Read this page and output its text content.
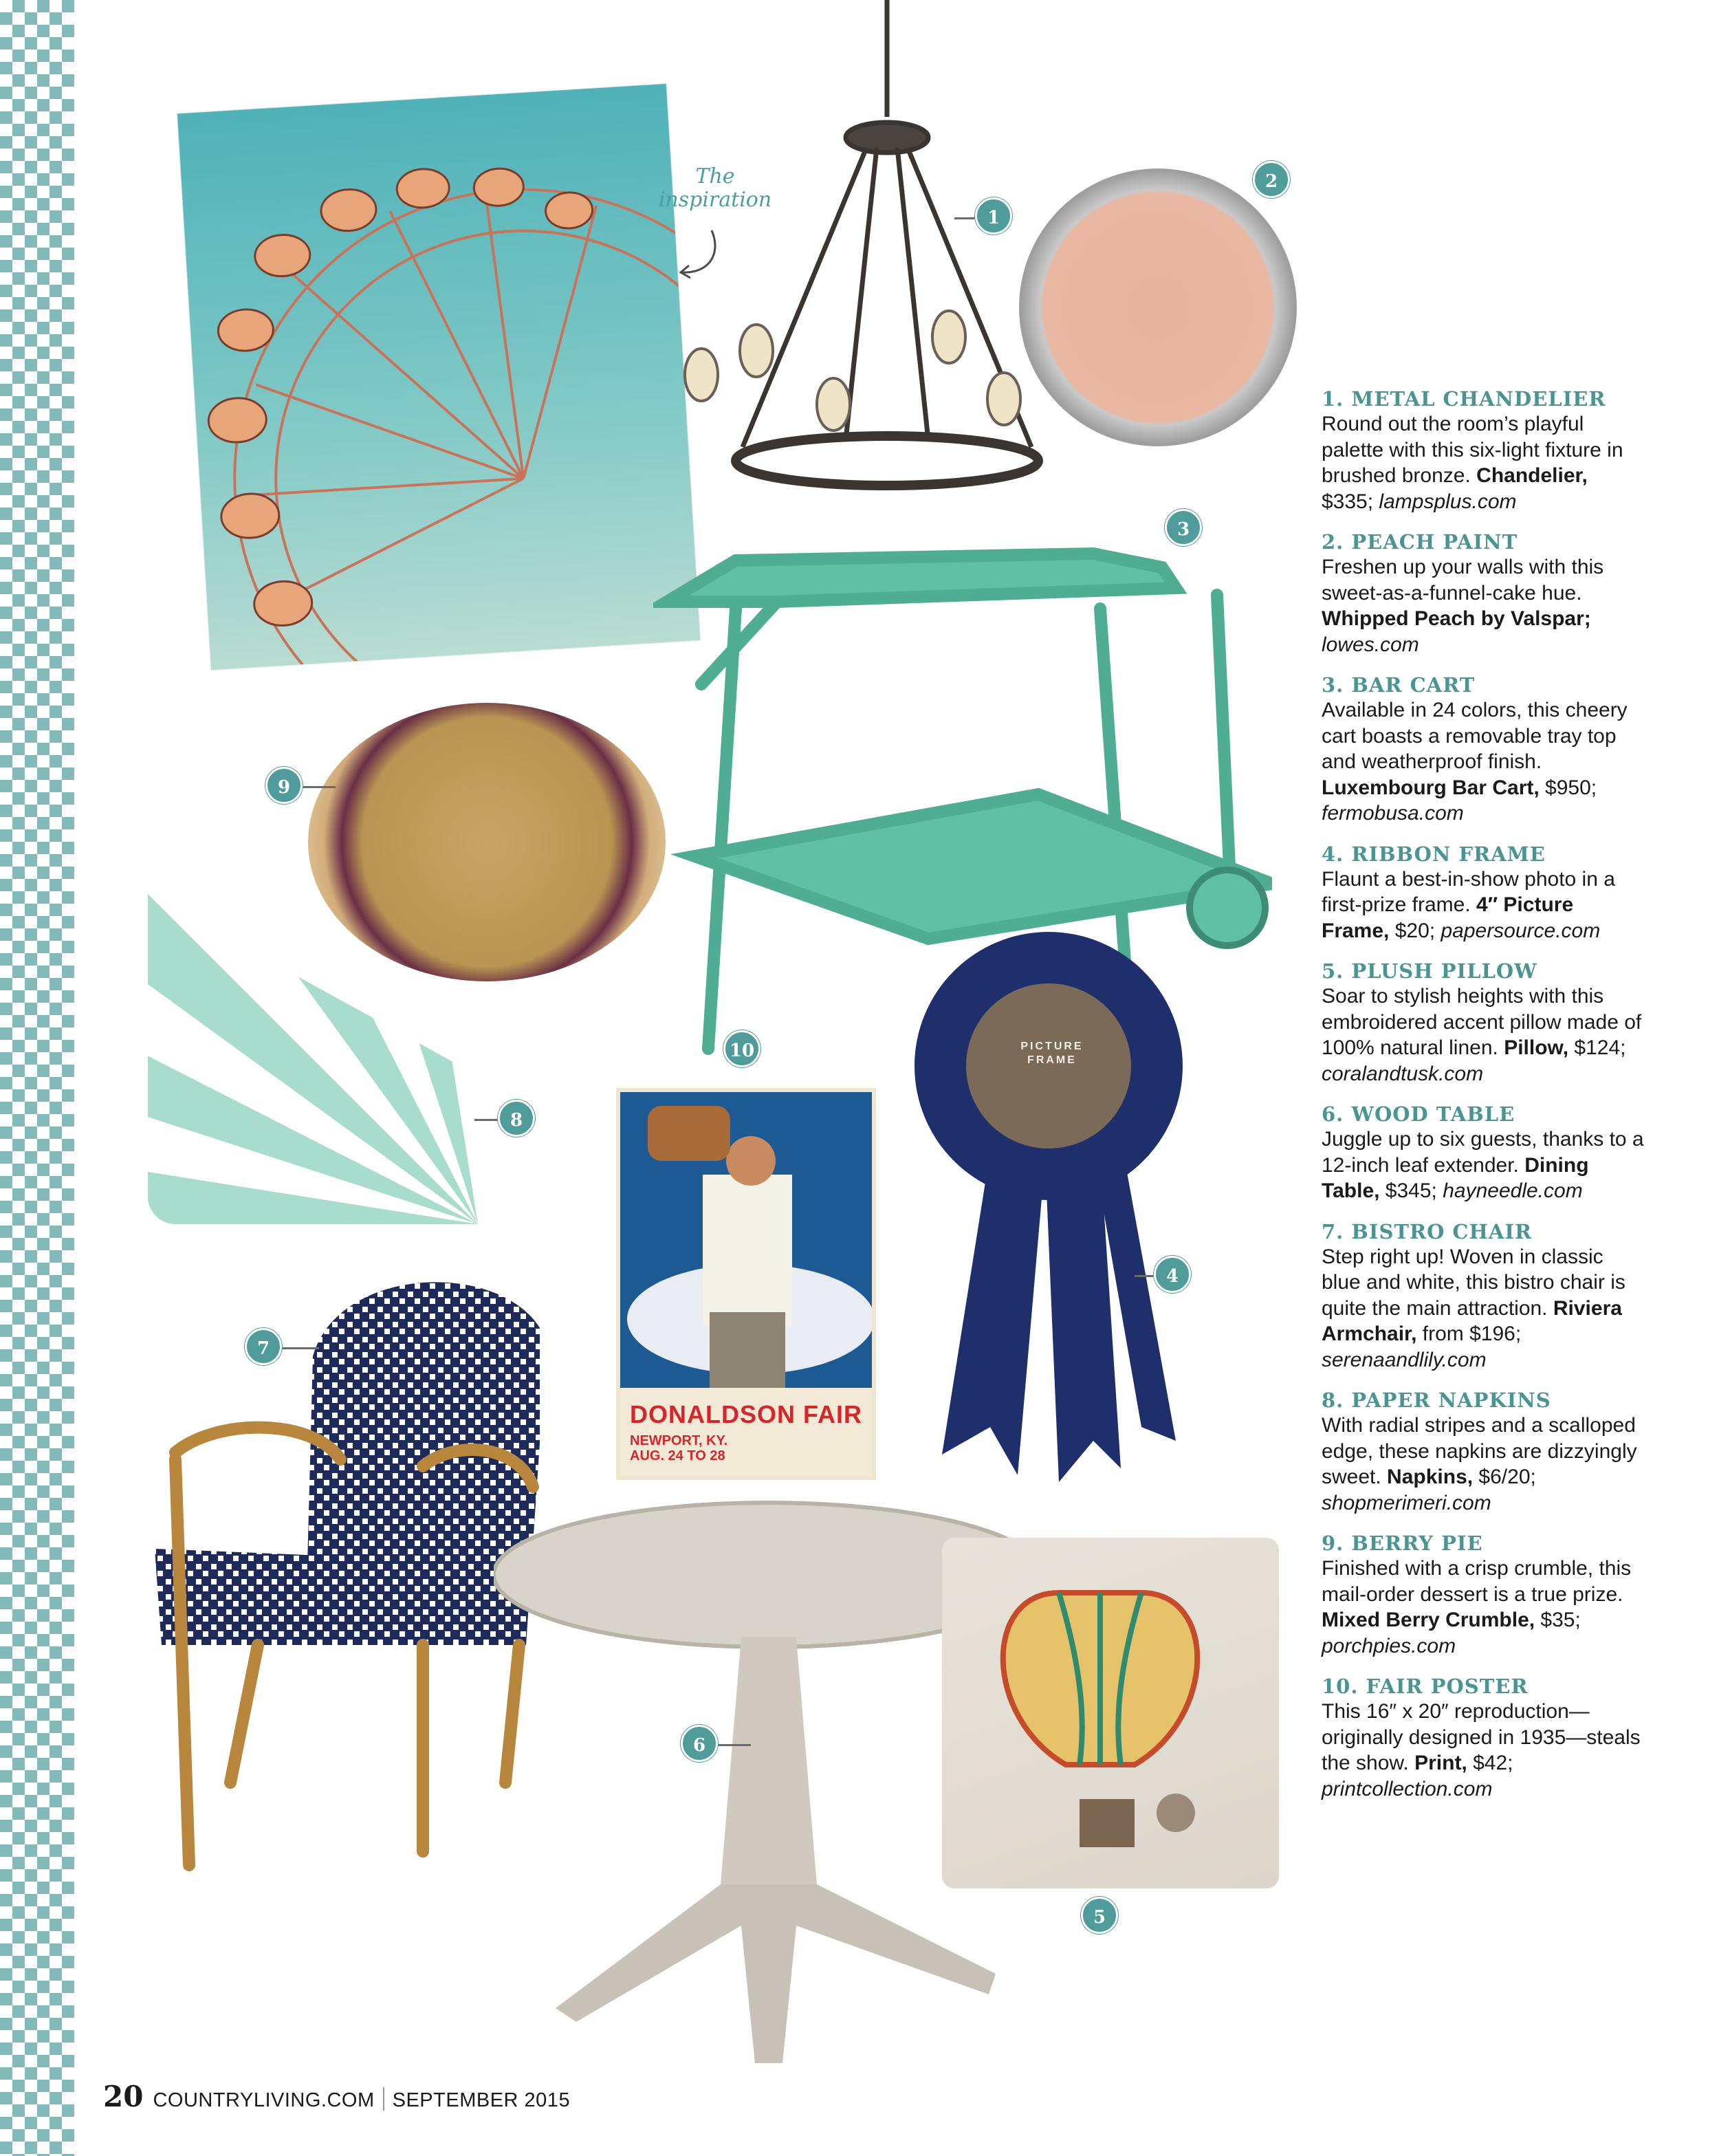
The
inspiration
PICTURE FRAME
DONALDSON FAIR
NEWPORT, KY.
AUG. 24 TO 28
1
2
3
4
5
6
7
8
9
10
1. METAL CHANDELIER
Round out the room’s playful palette with this six-light fixture in brushed bronze. Chandelier, $335; lampsplus.com
2. PEACH PAINT
Freshen up your walls with this sweet-as-a-funnel-cake hue. Whipped Peach by Valspar; lowes.com
3. BAR CART
Available in 24 colors, this cheery cart boasts a removable tray top and weatherproof finish. Luxembourg Bar Cart, $950; fermobusa.com
4. RIBBON FRAME
Flaunt a best-in-show photo in a first-prize frame. 4″ Picture Frame, $20; papersource.com
5. PLUSH PILLOW
Soar to stylish heights with this embroidered accent pillow made of 100% natural linen. Pillow, $124; coralandtusk.com
6. WOOD TABLE
Juggle up to six guests, thanks to a 12-inch leaf extender. Dining Table, $345; hayneedle.com
7. BISTRO CHAIR
Step right up! Woven in classic blue and white, this bistro chair is quite the main attraction. Riviera Armchair, from $196; serenaandlily.com
8. PAPER NAPKINS
With radial stripes and a scalloped edge, these napkins are dizzyingly sweet. Napkins, $6/20; shopmerimeri.com
9. BERRY PIE
Finished with a crisp crumble, this mail-order dessert is a true prize. Mixed Berry Crumble, $35; porchpies.com
10. FAIR POSTER
This 16″ x 20″ reproduction—originally designed in 1935—steals the show. Print, $42; printcollection.com
20 COUNTRYLIVING.COM SEPTEMBER 2015
